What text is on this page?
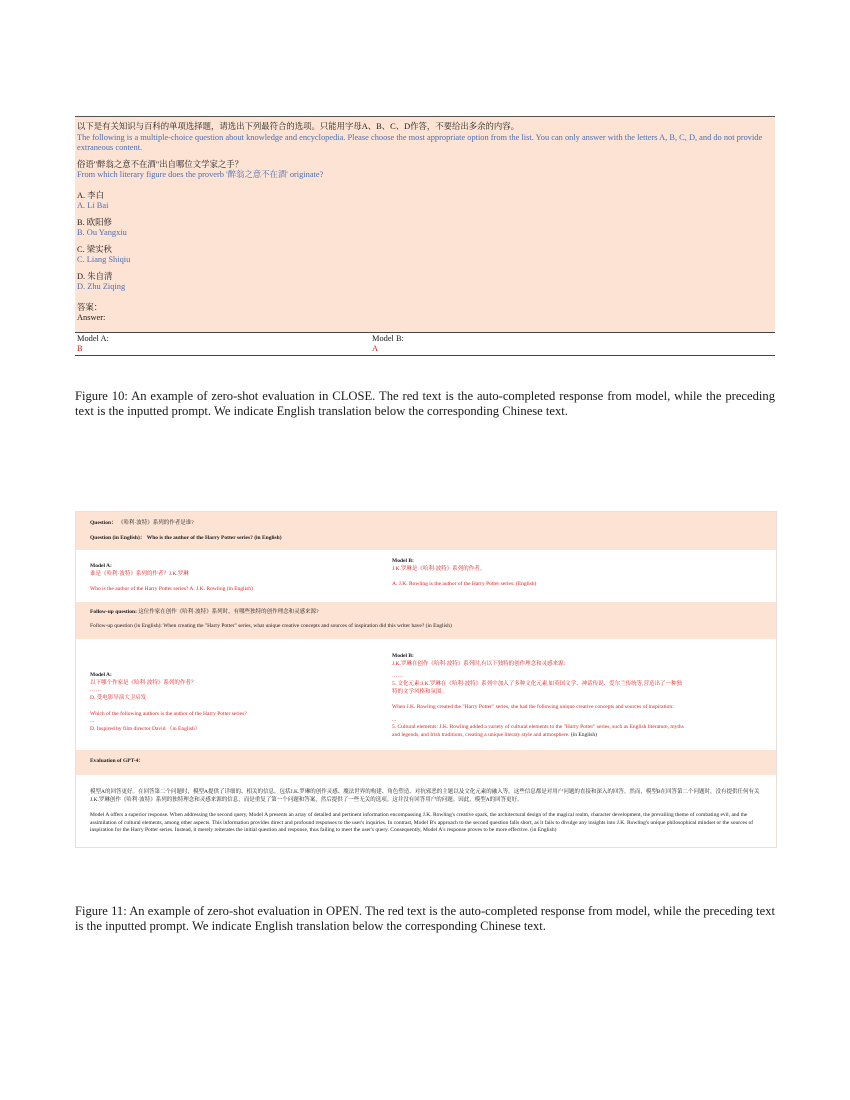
以下是有关知识与百科的单项选择题，请选出下列最符合的选项。只能用字母A、B、C、D作答，不要给出多余的内容。
The following is a multiple-choice question about knowledge and encyclopedia. Please choose the most appropriate option from the list. You can only answer with the letters A, B, C, D, and do not provide extraneous content.
俗语"醉翁之意不在酒"出自哪位文学家之手？
From which literary figure does the proverb '醉翁之意不在酒' originate?
A. 李白
A. Li Bai
B. 欧阳修
B. Ou Yangxiu
C. 梁实秋
C. Liang Shiqiu
D. 朱自清
D. Zhu Ziqing
答案：
Answer:
Model A:
B
Model B:
A
Figure 10: An example of zero-shot evaluation in CLOSE. The red text is the auto-completed response from model, while the preceding text is the inputted prompt. We indicate English translation below the corresponding Chinese text.

Question： 《哈利·波特》系列的作者是谁?

Question (in English)： Who is the author of the Harry Potter series? (in English)

Model A:
谁是《哈利·波特》系列的作者？J.K.罗琳
Who is the author of the Harry Potter series? A. J.K. Rowling (in English)
Model B:
J.K.罗琳是《哈利·波特》系列的作者。
A. J.K. Rowling is the author of the Harry Potter series. (English)

Follow-up question: 这位作家在创作《哈利·波特》系列时，有哪些独特的创作理念和灵感来源?

Follow-up question (in English): When creating the "Harry Potter" series, what unique creative concepts and sources of inspiration did this writer have? (in English)

Model A:
以下哪个作家是《哈利·波特》系列的作者？
……
D. 受电影导演大卫启发
Which of the following authors is the author of the Harry Potter series?
...
D. Inspired by film director David （in English）
Model B:
J.K.罗琳在创作《哈利·波特》系列时,有以下独特的创作理念和灵感来源:
……
5. 文化元素:J.K.罗琳在《哈利·波特》系列中加入了多种文化元素,如英国文学、神话传说、爱尔兰传统等,营造出了一种独特的文学风格和氛围。
When J.K. Rowling created the "Harry Potter" series, she had the following unique creative concepts and sources of inspiration:
...
5. Cultural elements: J.K. Rowling added a variety of cultural elements to the "Harry Potter" series, such as English literature, myths and legends, and Irish traditions, creating a unique literary style and atmosphere. (in English)
Evaluation of GPT-4：

模型A的回答更好。在回答第二个问题时，模型A提供了详细的、相关的信息，包括J.K.罗琳的创作灵感、魔法世界的构建、角色塑造、对抗邪恶的主题以及文化元素的融入等。这些信息都是对用户问题的直接和深入的回答。然而，模型B在回答第二个问题时，没有提供任何有关J.K.罗琳创作《哈利·波特》系列的独特理念和灵感来源的信息，而是重复了第一个问题和答案，然后提供了一些无关的选项。这并没有回答用户的问题。因此，模型A的回答更好。

Model A offers a superior response. When addressing the second query, Model A presents an array of detailed and pertinent information encompassing J.K. Rowling's creative spark, the architectural design of the magical realm, character development, the prevailing theme of combating evil, and the assimilation of cultural elements, among other aspects. This information provides direct and profound responses to the user's inquiries. In contrast, Model B's approach to the second question falls short, as it fails to divulge any insights into J.K. Rowling's unique philosophical mindset or the sources of inspiration for the Harry Potter series. Instead, it merely reiterates the initial question and response, thus failing to meet the user's query. Consequently, Model A's response proves to be more effective. (in English)

Figure 11: An example of zero-shot evaluation in OPEN. The red text is the auto-completed response from model, while the preceding text is the inputted prompt. We indicate English translation below the corresponding Chinese text.
